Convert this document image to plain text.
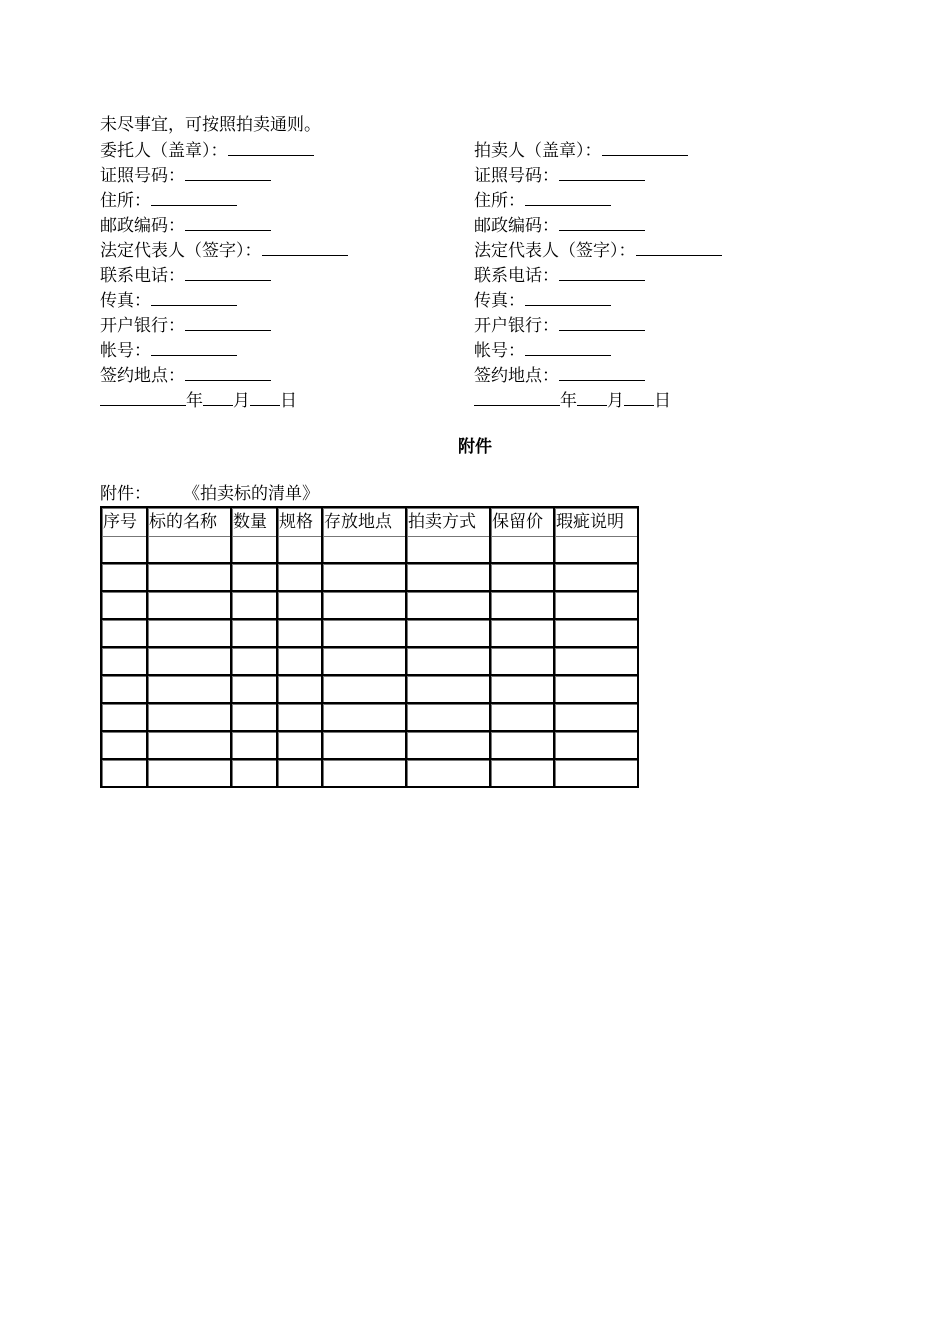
未尽事宜，可按照拍卖通则。
委托人（盖章）：
证照号码：
住所：
邮政编码：
法定代表人（签字）：
联系电话：
传真：
开户银行：
帐号：
签约地点：
年 月 日
拍卖人（盖章）：
证照号码：
住所：
邮政编码：
法定代表人（签字）：
联系电话：
传真：
开户银行：
帐号：
签约地点：
年 月 日
附件
附件： 《拍卖标的清单》
序号	标的名称	数量	规格	存放地点	拍卖方式	保留价	瑕疵说明
